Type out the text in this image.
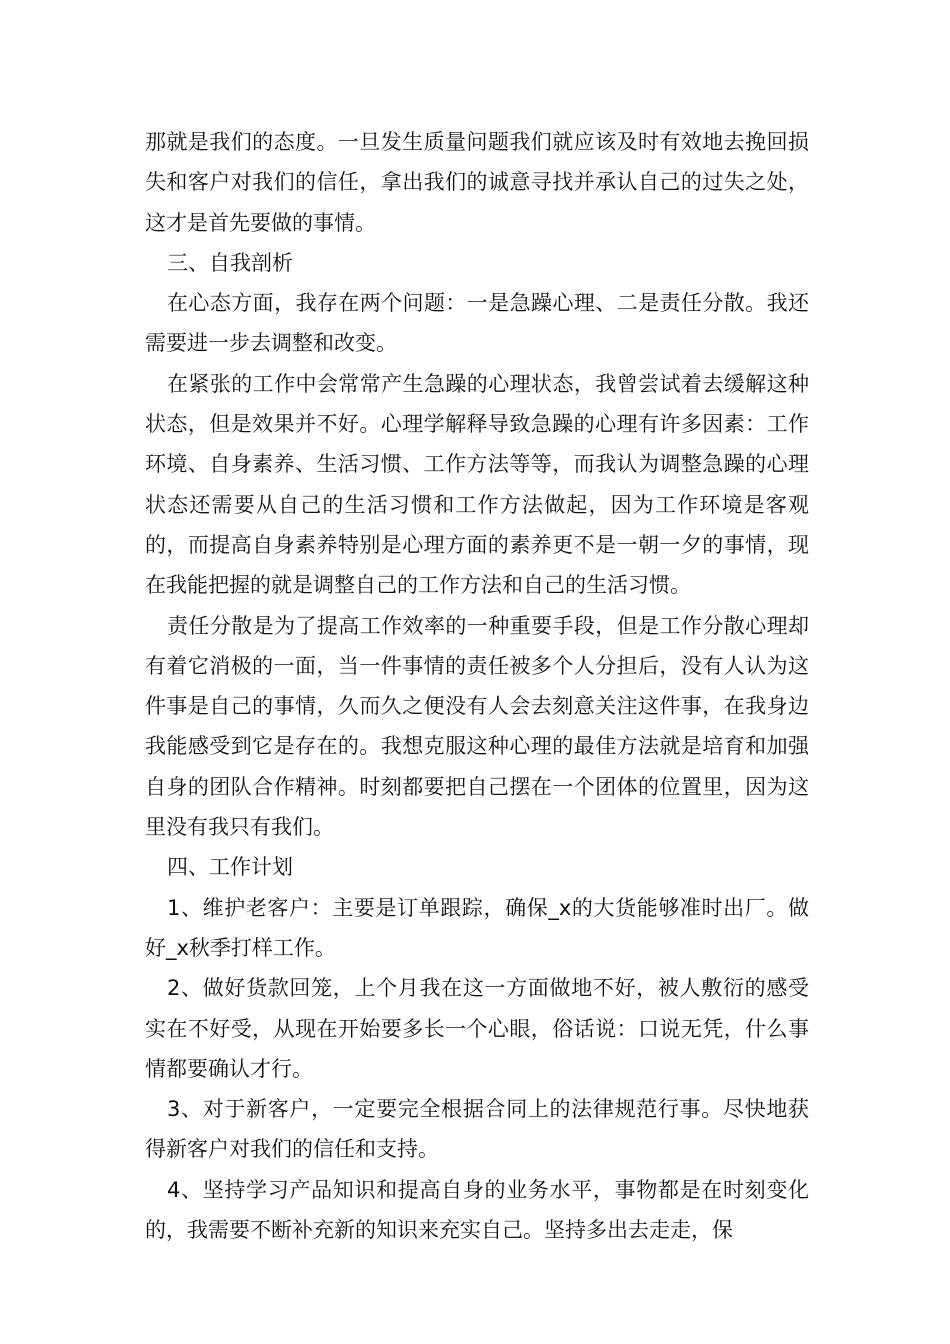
那就是我们的态度。一旦发生质量问题我们就应该及时有效地去挽回损失和客户对我们的信任，拿出我们的诚意寻找并承认自己的过失之处，这才是首先要做的事情。

三、自我剖析

在心态方面，我存在两个问题：一是急躁心理、二是责任分散。我还需要进一步去调整和改变。

在紧张的工作中会常常产生急躁的心理状态，我曾尝试着去缓解这种状态，但是效果并不好。心理学解释导致急躁的心理有许多因素：工作环境、自身素养、生活习惯、工作方法等等，而我认为调整急躁的心理状态还需要从自己的生活习惯和工作方法做起，因为工作环境是客观的，而提高自身素养特别是心理方面的素养更不是一朝一夕的事情，现在我能把握的就是调整自己的工作方法和自己的生活习惯。

责任分散是为了提高工作效率的一种重要手段，但是工作分散心理却有着它消极的一面，当一件事情的责任被多个人分担后，没有人认为这件事是自己的事情，久而久之便没有人会去刻意关注这件事，在我身边我能感受到它是存在的。我想克服这种心理的最佳方法就是培育和加强自身的团队合作精神。时刻都要把自己摆在一个团体的位置里，因为这里没有我只有我们。

四、工作计划

1、维护老客户：主要是订单跟踪，确保_x的大货能够准时出厂。做好_x秋季打样工作。

2、做好货款回笼，上个月我在这一方面做地不好，被人敷衍的感受实在不好受，从现在开始要多长一个心眼，俗话说：口说无凭，什么事情都要确认才行。

3、对于新客户，一定要完全根据合同上的法律规范行事。尽快地获得新客户对我们的信任和支持。

4、坚持学习产品知识和提高自身的业务水平，事物都是在时刻变化的，我需要不断补充新的知识来充实自己。坚持多出去走走，保
